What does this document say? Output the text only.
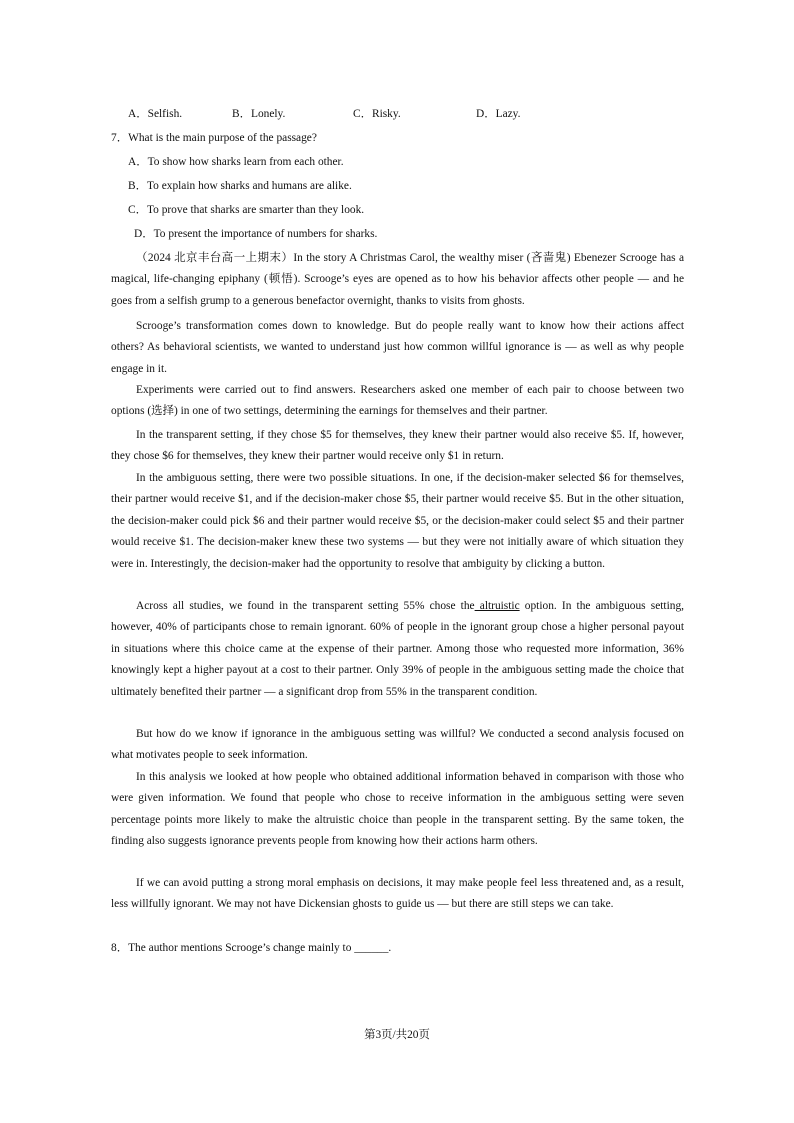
A．Selfish.	B．Lonely.	C．Risky.	D．Lazy.
7．What is the main purpose of the passage?
A．To show how sharks learn from each other.
B．To explain how sharks and humans are alike.
C．To prove that sharks are smarter than they look.
D．To present the importance of numbers for sharks.

（2024 北京丰台高一上期末）In the story A Christmas Carol, the wealthy miser (吝啬鬼) Ebenezer Scrooge has a magical, life-changing epiphany (顿悟). Scrooge’s eyes are opened as to how his behavior affects other people — and he goes from a selfish grump to a generous benefactor overnight, thanks to visits from ghosts.

Scrooge’s transformation comes down to knowledge. But do people really want to know how their actions affect others? As behavioral scientists, we wanted to understand just how common willful ignorance is — as well as why people engage in it.

Experiments were carried out to find answers. Researchers asked one member of each pair to choose between two options (选择) in one of two settings, determining the earnings for themselves and their partner.

In the transparent setting, if they chose $5 for themselves, they knew their partner would also receive $5. If, however, they chose $6 for themselves, they knew their partner would receive only $1 in return.

In the ambiguous setting, there were two possible situations. In one, if the decision-maker selected $6 for themselves, their partner would receive $1, and if the decision-maker chose $5, their partner would receive $5. But in the other situation, the decision-maker could pick $6 and their partner would receive $5, or the decision-maker could select $5 and their partner would receive $1. The decision-maker knew these two systems — but they were not initially aware of which situation they were in. Interestingly, the decision-maker had the opportunity to resolve that ambiguity by clicking a button.

Across all studies, we found in the transparent setting 55% chose the altruistic option. In the ambiguous setting, however, 40% of participants chose to remain ignorant. 60% of people in the ignorant group chose a higher personal payout in situations where this choice came at the expense of their partner. Among those who requested more information, 36% knowingly kept a higher payout at a cost to their partner. Only 39% of people in the ambiguous setting made the choice that ultimately benefited their partner — a significant drop from 55% in the transparent condition.

But how do we know if ignorance in the ambiguous setting was willful? We conducted a second analysis focused on what motivates people to seek information.

In this analysis we looked at how people who obtained additional information behaved in comparison with those who were given information. We found that people who chose to receive information in the ambiguous setting were seven percentage points more likely to make the altruistic choice than people in the transparent setting. By the same token, the finding also suggests ignorance prevents people from knowing how their actions harm others.

If we can avoid putting a strong moral emphasis on decisions, it may make people feel less threatened and, as a result, less willfully ignorant. We may not have Dickensian ghosts to guide us — but there are still steps we can take.

8．The author mentions Scrooge’s change mainly to ______.
第3页/共20页
